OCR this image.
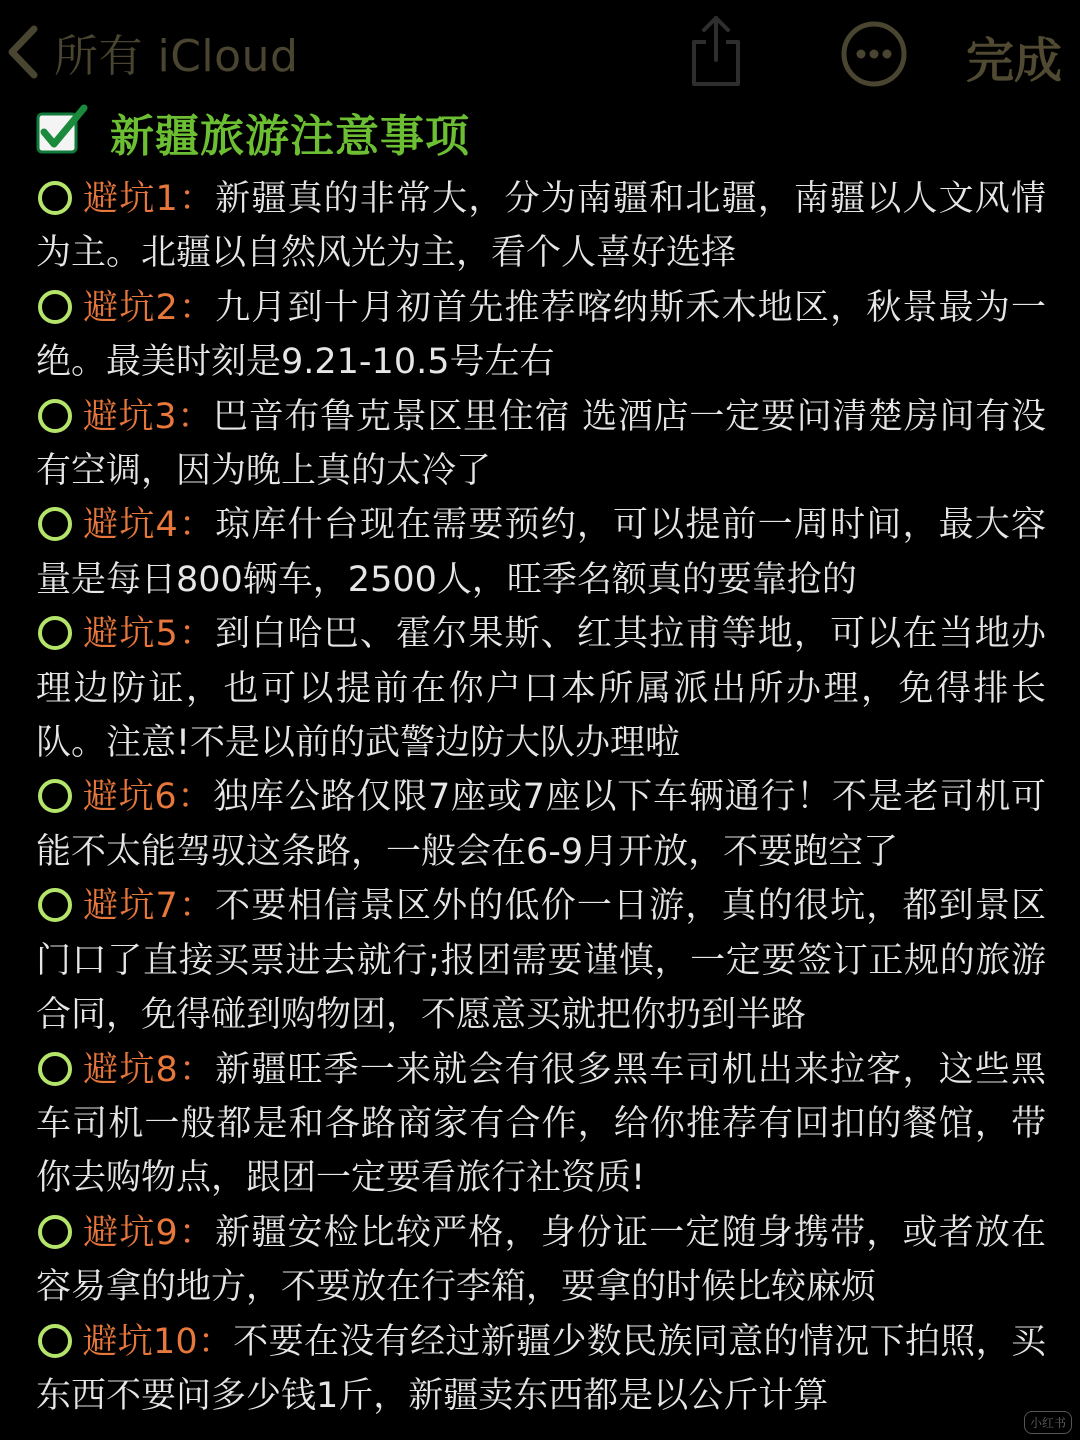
所有 iCloud	完成
新疆旅游注意事项

避坑1：新疆真的非常大，分为南疆和北疆，南疆以人文风情为主。北疆以自然风光为主，看个人喜好选择

避坑2：九月到十月初首先推荐喀纳斯禾木地区，秋景最为一绝。最美时刻是9.21-10.5号左右

避坑3：巴音布鲁克景区里住宿 选酒店一定要问清楚房间有没有空调，因为晚上真的太冷了

避坑4：琼库什台现在需要预约，可以提前一周时间，最大容量是每日800辆车，2500人，旺季名额真的要靠抢的

避坑5：到白哈巴、霍尔果斯、红其拉甫等地，可以在当地办理边防证，也可以提前在你户口本所属派出所办理，免得排长队。注意!不是以前的武警边防大队办理啦

避坑6：独库公路仅限7座或7座以下车辆通行！不是老司机可能不太能驾驭这条路，一般会在6-9月开放，不要跑空了

避坑7：不要相信景区外的低价一日游，真的很坑，都到景区门口了直接买票进去就行;报团需要谨慎，一定要签订正规的旅游合同，免得碰到购物团，不愿意买就把你扔到半路

避坑8：新疆旺季一来就会有很多黑车司机出来拉客，这些黑车司机一般都是和各路商家有合作，给你推荐有回扣的餐馆，带你去购物点，跟团一定要看旅行社资质!

避坑9：新疆安检比较严格，身份证一定随身携带，或者放在容易拿的地方，不要放在行李箱，要拿的时候比较麻烦

避坑10：不要在没有经过新疆少数民族同意的情况下拍照，买东西不要问多少钱1斤，新疆卖东西都是以公斤计算

小红书
